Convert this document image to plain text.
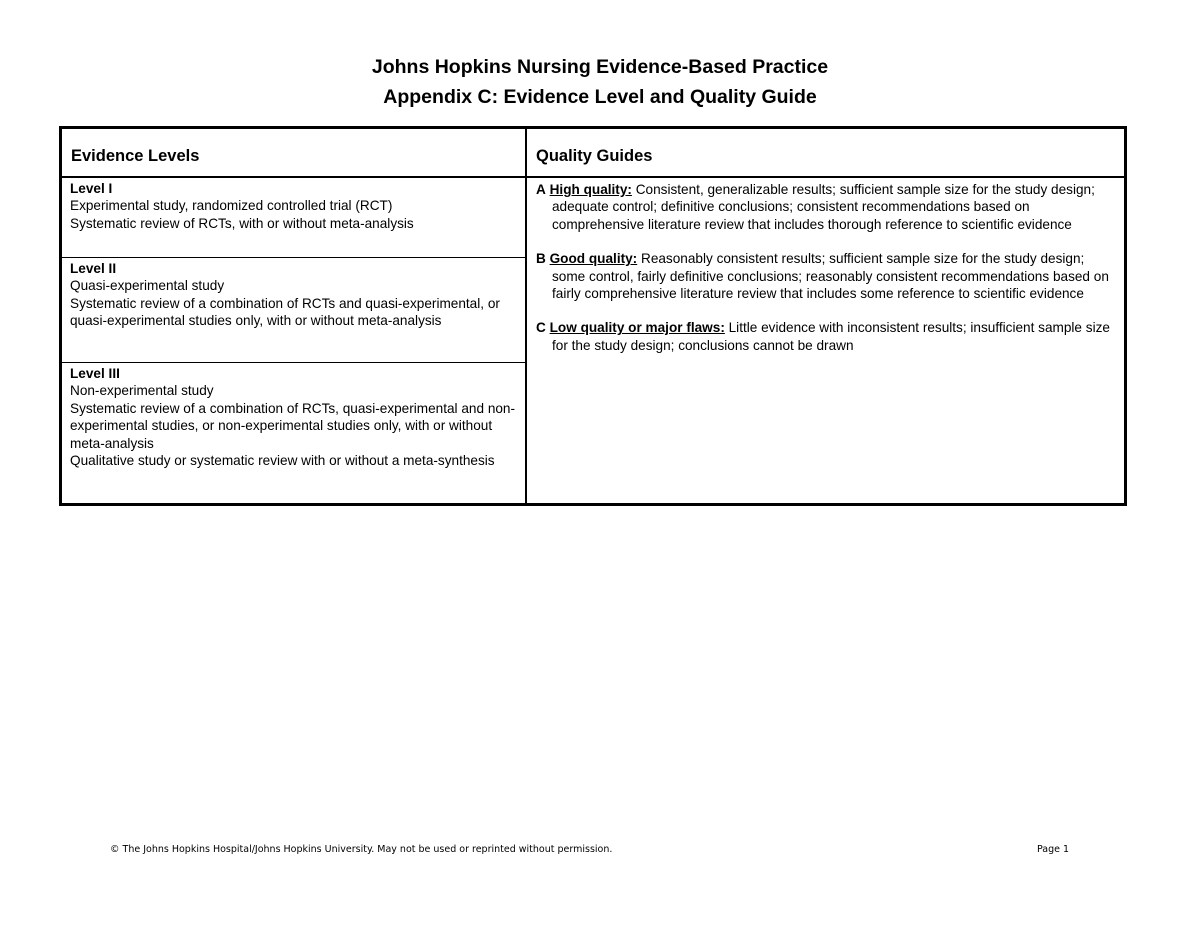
Johns Hopkins Nursing Evidence-Based Practice
Appendix C: Evidence Level and Quality Guide
Evidence Levels	Quality Guides
Level I
Experimental study, randomized controlled trial (RCT)
Systematic review of RCTs, with or without meta-analysis
Level II
Quasi-experimental study
Systematic review of a combination of RCTs and quasi-experimental, or quasi-experimental studies only, with or without meta-analysis
Level III
Non-experimental study
Systematic review of a combination of RCTs, quasi-experimental and non-experimental studies, or non-experimental studies only, with or without meta-analysis
Qualitative study or systematic review with or without a meta-synthesis
A High quality: Consistent, generalizable results; sufficient sample size for the study design; adequate control; definitive conclusions; consistent recommendations based on comprehensive literature review that includes thorough reference to scientific evidence
B Good quality: Reasonably consistent results; sufficient sample size for the study design; some control, fairly definitive conclusions; reasonably consistent recommendations based on fairly comprehensive literature review that includes some reference to scientific evidence
C Low quality or major flaws: Little evidence with inconsistent results; insufficient sample size for the study design; conclusions cannot be drawn
© The Johns Hopkins Hospital/Johns Hopkins University. May not be used or reprinted without permission.	Page 1
